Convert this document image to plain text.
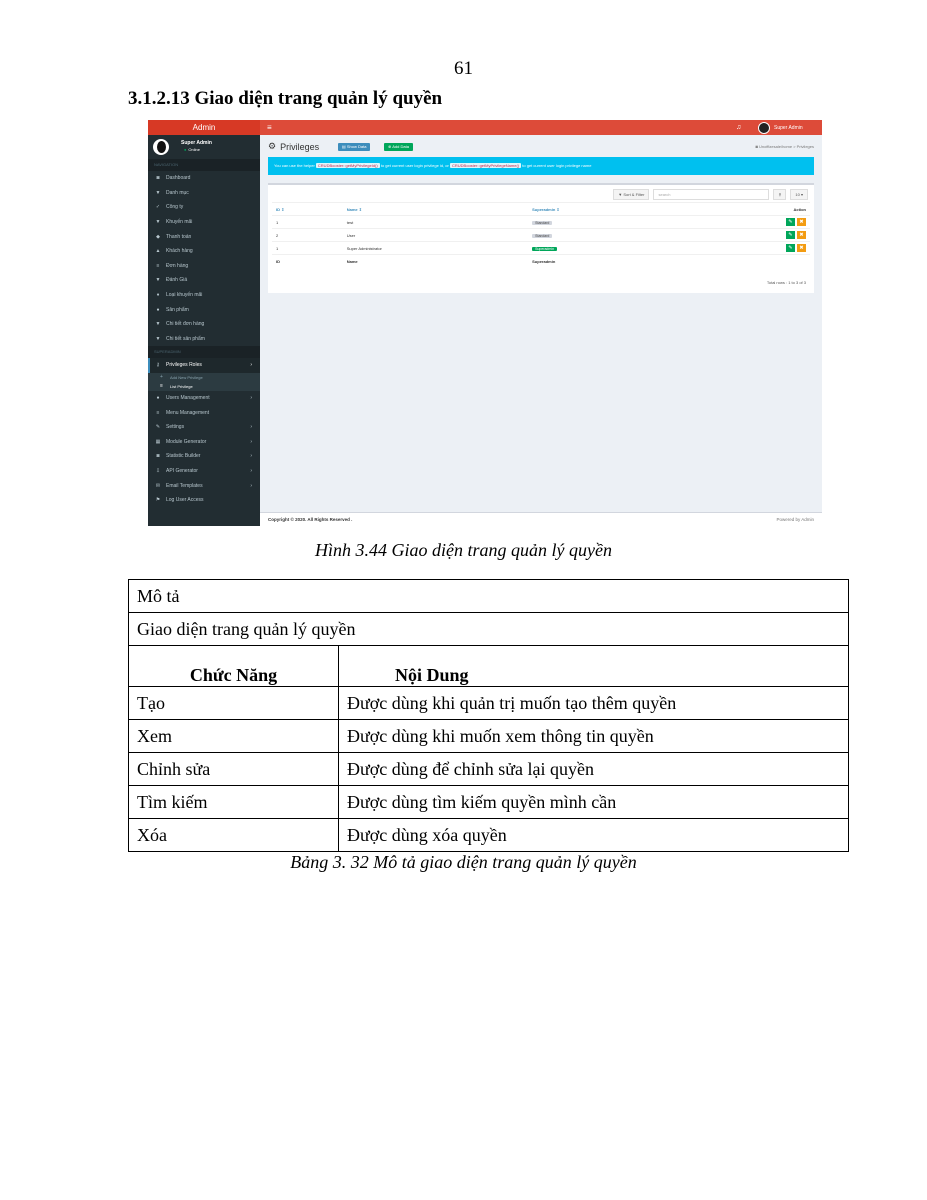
61
3.1.2.13 Giao diện trang quản lý quyền
Admin	≡	♫	Super Admin
Super Admin
● Online
NAVIGATION
◙	Dashboard
▼	Danh mục
✓	Công ty
▼	Khuyến mãi
◆	Thanh toán
▲	Khách hàng
≡	Đơn hàng
▼	Đánh Giá
♦	Loại khuyến mãi
●	Sản phẩm
▼	Chi tiết đơn hàng
▼	Chi tiết sản phẩm
SUPERADMIN
⚷	Privileges Roles	›
+	Add New Privilege
≡	List Privilege
●	Users Management	›
≡	Menu Management
✎	Settings	›
▦	Module Generator	›
◙	Statistic Builder	›
⇩	API Generator	›
✉	Email Templates	›
⚑	Log User Access
⚙ Privileges	▤ Show Data	⊕ Add Data	◙ Unoffizesale/home > Privileges
You can use the helper CRUDBooster::getMyPrivilegeId() to get current user login privilege id, or CRUDBooster::getMyPrivilegeName() to get current user login privilege name
▼ Sort & Filter	search	⚲	10 ▾
ID ⇕	Name ⇕	Superadmin ⇕	Action
1	test	Standard	✎ ✖
2	User	Standard	✎ ✖
1	Super Administrator	Superadmin	✎ ✖
ID	Name	Superadmin	
Total rows : 1 to 3 of 3
Copyright © 2020. All Rights Reserved .	Powered by Admin
Hình 3.44 Giao diện trang quản lý quyền
Mô tả	
Giao diện trang quản lý quyền	
Chức Năng	Nội Dung
Tạo	Được dùng khi quản trị muốn tạo thêm quyền
Xem	Được dùng khi muốn xem thông tin quyền
Chỉnh sửa	Được dùng để chỉnh sửa lại quyền
Tìm kiếm	Được dùng tìm kiếm quyền mình cần
Xóa	Được dùng xóa quyền
Bảng 3. 32 Mô tả giao diện trang quản lý quyền
